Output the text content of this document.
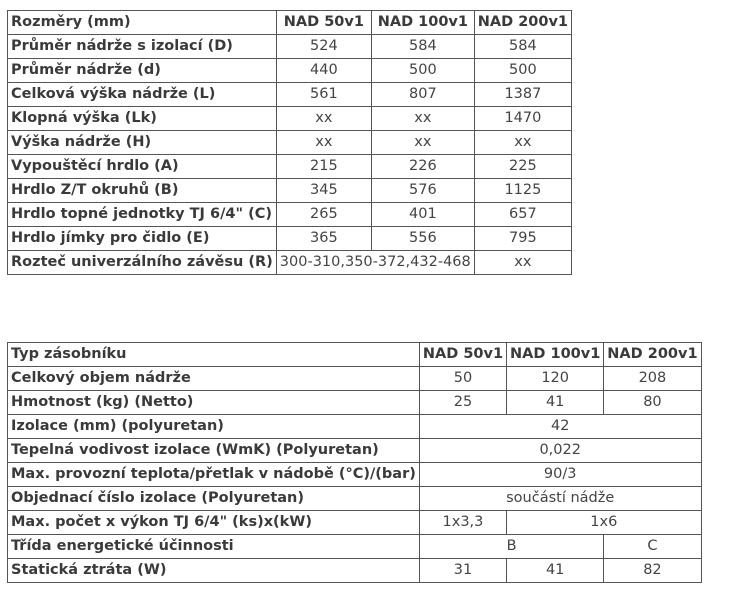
Rozměry (mm)	NAD 50v1	NAD 100v1	NAD 200v1
Průměr nádrže s izolací (D)	524	584	584
Průměr nádrže (d)	440	500	500
Celková výška nádrže (L)	561	807	1387
Klopná výška (Lk)	xx	xx	1470
Výška nádrže (H)	xx	xx	xx
Vypouštěcí hrdlo (A)	215	226	225
Hrdlo Z/T okruhů (B)	345	576	1125
Hrdlo topné jednotky TJ 6/4" (C)	265	401	657
Hrdlo jímky pro čidlo (E)	365	556	795
Rozteč univerzálního závěsu (R)	300-310,350-372,432-468		xx
Typ zásobníku	NAD 50v1	NAD 100v1	NAD 200v1
Celkový objem nádrže	50	120	208
Hmotnost (kg) (Netto)	25	41	80
Izolace (mm) (polyuretan)	42		
Tepelná vodivost izolace (WmK) (Polyuretan)	0,022		
Max. provozní teplota/přetlak v nádobě (°C)/(bar)	90/3		
Objednací číslo izolace (Polyuretan)	součástí nádže		
Max. počet x výkon TJ 6/4" (ks)x(kW)	1x3,3	1x6	
Třída energetické účinnosti	B		C
Statická ztráta (W)	31	41	82
